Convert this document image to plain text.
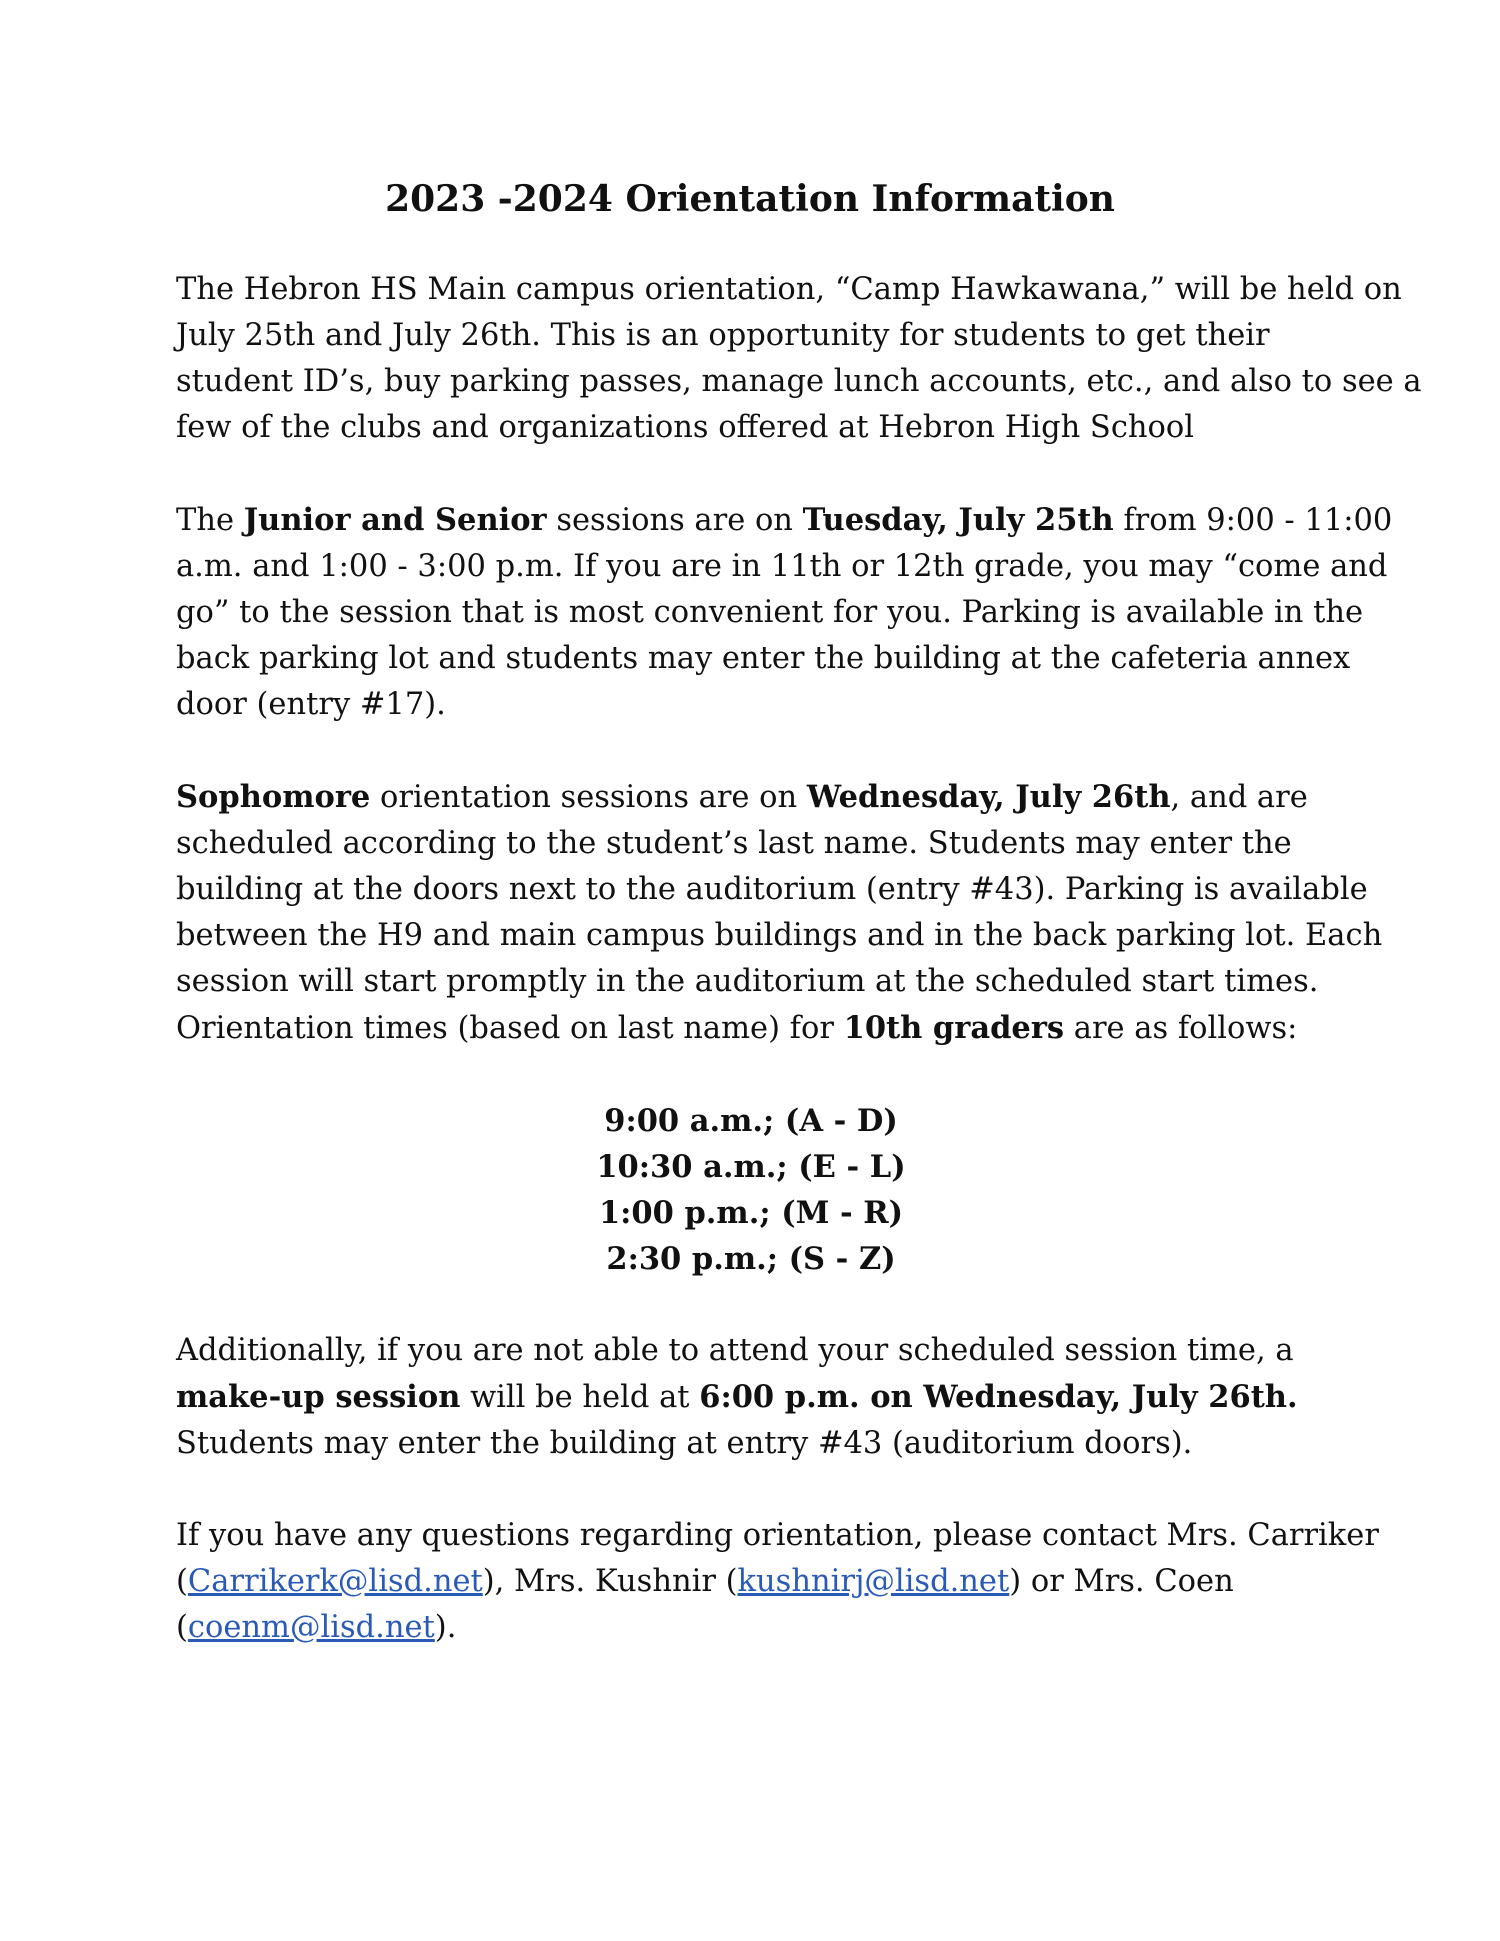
2023 -2024 Orientation Information

The Hebron HS Main campus orientation, “Camp Hawkawana,” will be held on
July 25th and July 26th. This is an opportunity for students to get their
student ID’s, buy parking passes, manage lunch accounts, etc., and also to see a
few of the clubs and organizations offered at Hebron High School

The Junior and Senior sessions are on Tuesday, July 25th from 9:00 - 11:00
a.m. and 1:00 - 3:00 p.m. If you are in 11th or 12th grade, you may “come and
go” to the session that is most convenient for you. Parking is available in the
back parking lot and students may enter the building at the cafeteria annex
door (entry #17).

Sophomore orientation sessions are on Wednesday, July 26th, and are
scheduled according to the student’s last name. Students may enter the
building at the doors next to the auditorium (entry #43). Parking is available
between the H9 and main campus buildings and in the back parking lot. Each
session will start promptly in the auditorium at the scheduled start times.
Orientation times (based on last name) for 10th graders are as follows:

9:00 a.m.; (A - D)
10:30 a.m.; (E - L)
1:00 p.m.; (M - R)
2:30 p.m.; (S - Z)

Additionally, if you are not able to attend your scheduled session time, a
make-up session will be held at 6:00 p.m. on Wednesday, July 26th.
Students may enter the building at entry #43 (auditorium doors).

If you have any questions regarding orientation, please contact Mrs. Carriker
(Carrikerk@lisd.net), Mrs. Kushnir (kushnirj@lisd.net) or Mrs. Coen
(coenm@lisd.net).
